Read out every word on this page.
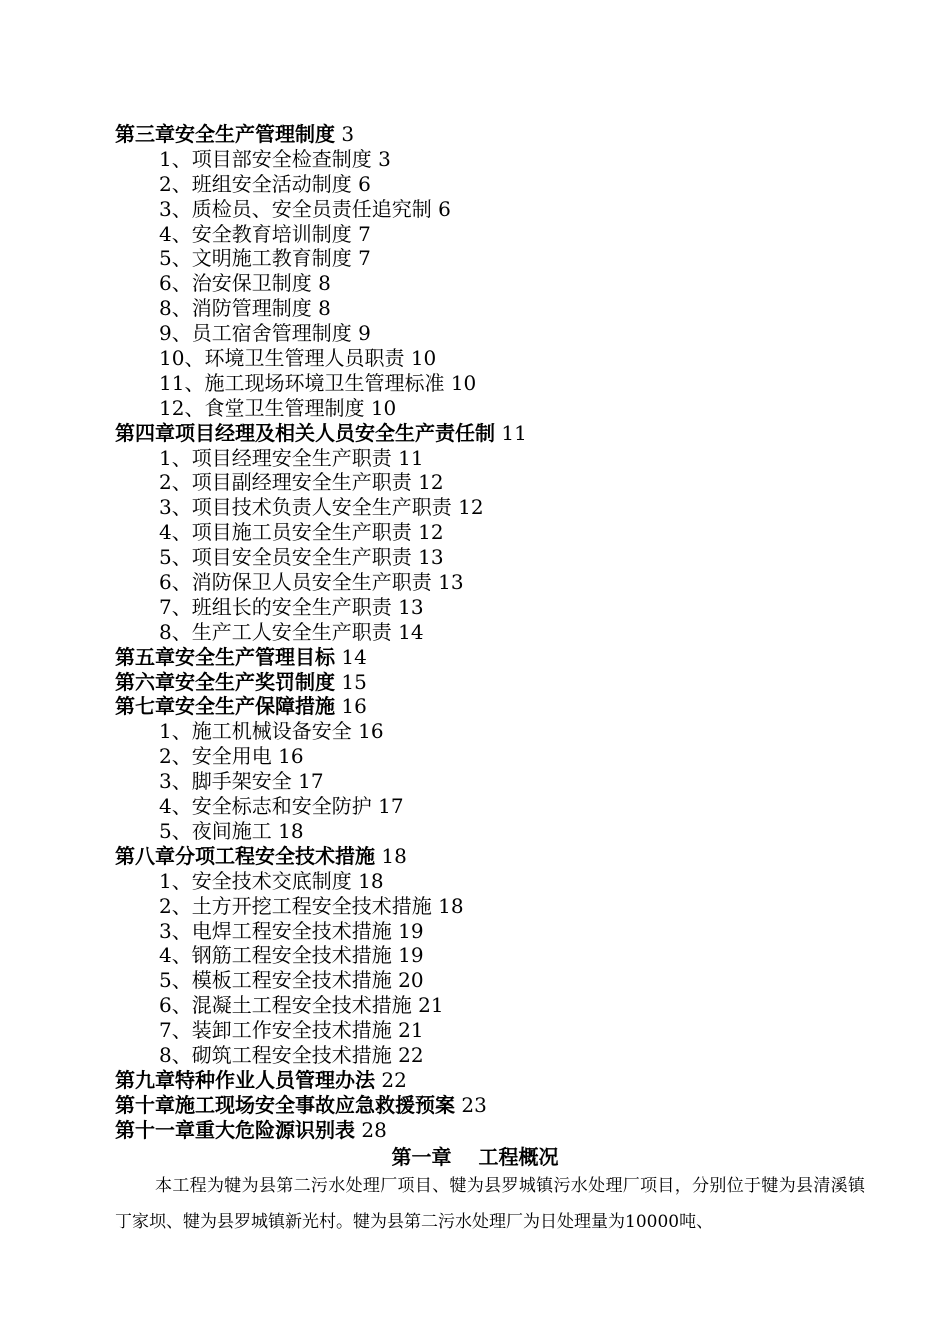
第三章安全生产管理制度 3
1、项目部安全检查制度 3
2、班组安全活动制度 6
3、质检员、安全员责任追究制 6
4、安全教育培训制度 7
5、文明施工教育制度 7
6、治安保卫制度 8
8、消防管理制度 8
9、员工宿舍管理制度 9
10、环境卫生管理人员职责 10
11、施工现场环境卫生管理标准 10
12、食堂卫生管理制度 10
第四章项目经理及相关人员安全生产责任制 11
1、项目经理安全生产职责 11
2、项目副经理安全生产职责 12
3、项目技术负责人安全生产职责 12
4、项目施工员安全生产职责 12
5、项目安全员安全生产职责 13
6、消防保卫人员安全生产职责 13
7、班组长的安全生产职责 13
8、生产工人安全生产职责 14
第五章安全生产管理目标 14
第六章安全生产奖罚制度 15
第七章安全生产保障措施 16
1、施工机械设备安全 16
2、安全用电 16
3、脚手架安全 17
4、安全标志和安全防护 17
5、夜间施工 18
第八章分项工程安全技术措施 18
1、安全技术交底制度 18
2、土方开挖工程安全技术措施 18
3、电焊工程安全技术措施 19
4、钢筋工程安全技术措施 19
5、模板工程安全技术措施 20
6、混凝土工程安全技术措施 21
7、装卸工作安全技术措施 21
8、砌筑工程安全技术措施 22
第九章特种作业人员管理办法 22
第十章施工现场安全事故应急救援预案 23
第十一章重大危险源识别表 28
第一章　 工程概况
本工程为犍为县第二污水处理厂项目、犍为县罗城镇污水处理厂项目，分别位于犍为县清溪镇丁家坝、犍为县罗城镇新光村。犍为县第二污水处理厂为日处理量为10000吨、
